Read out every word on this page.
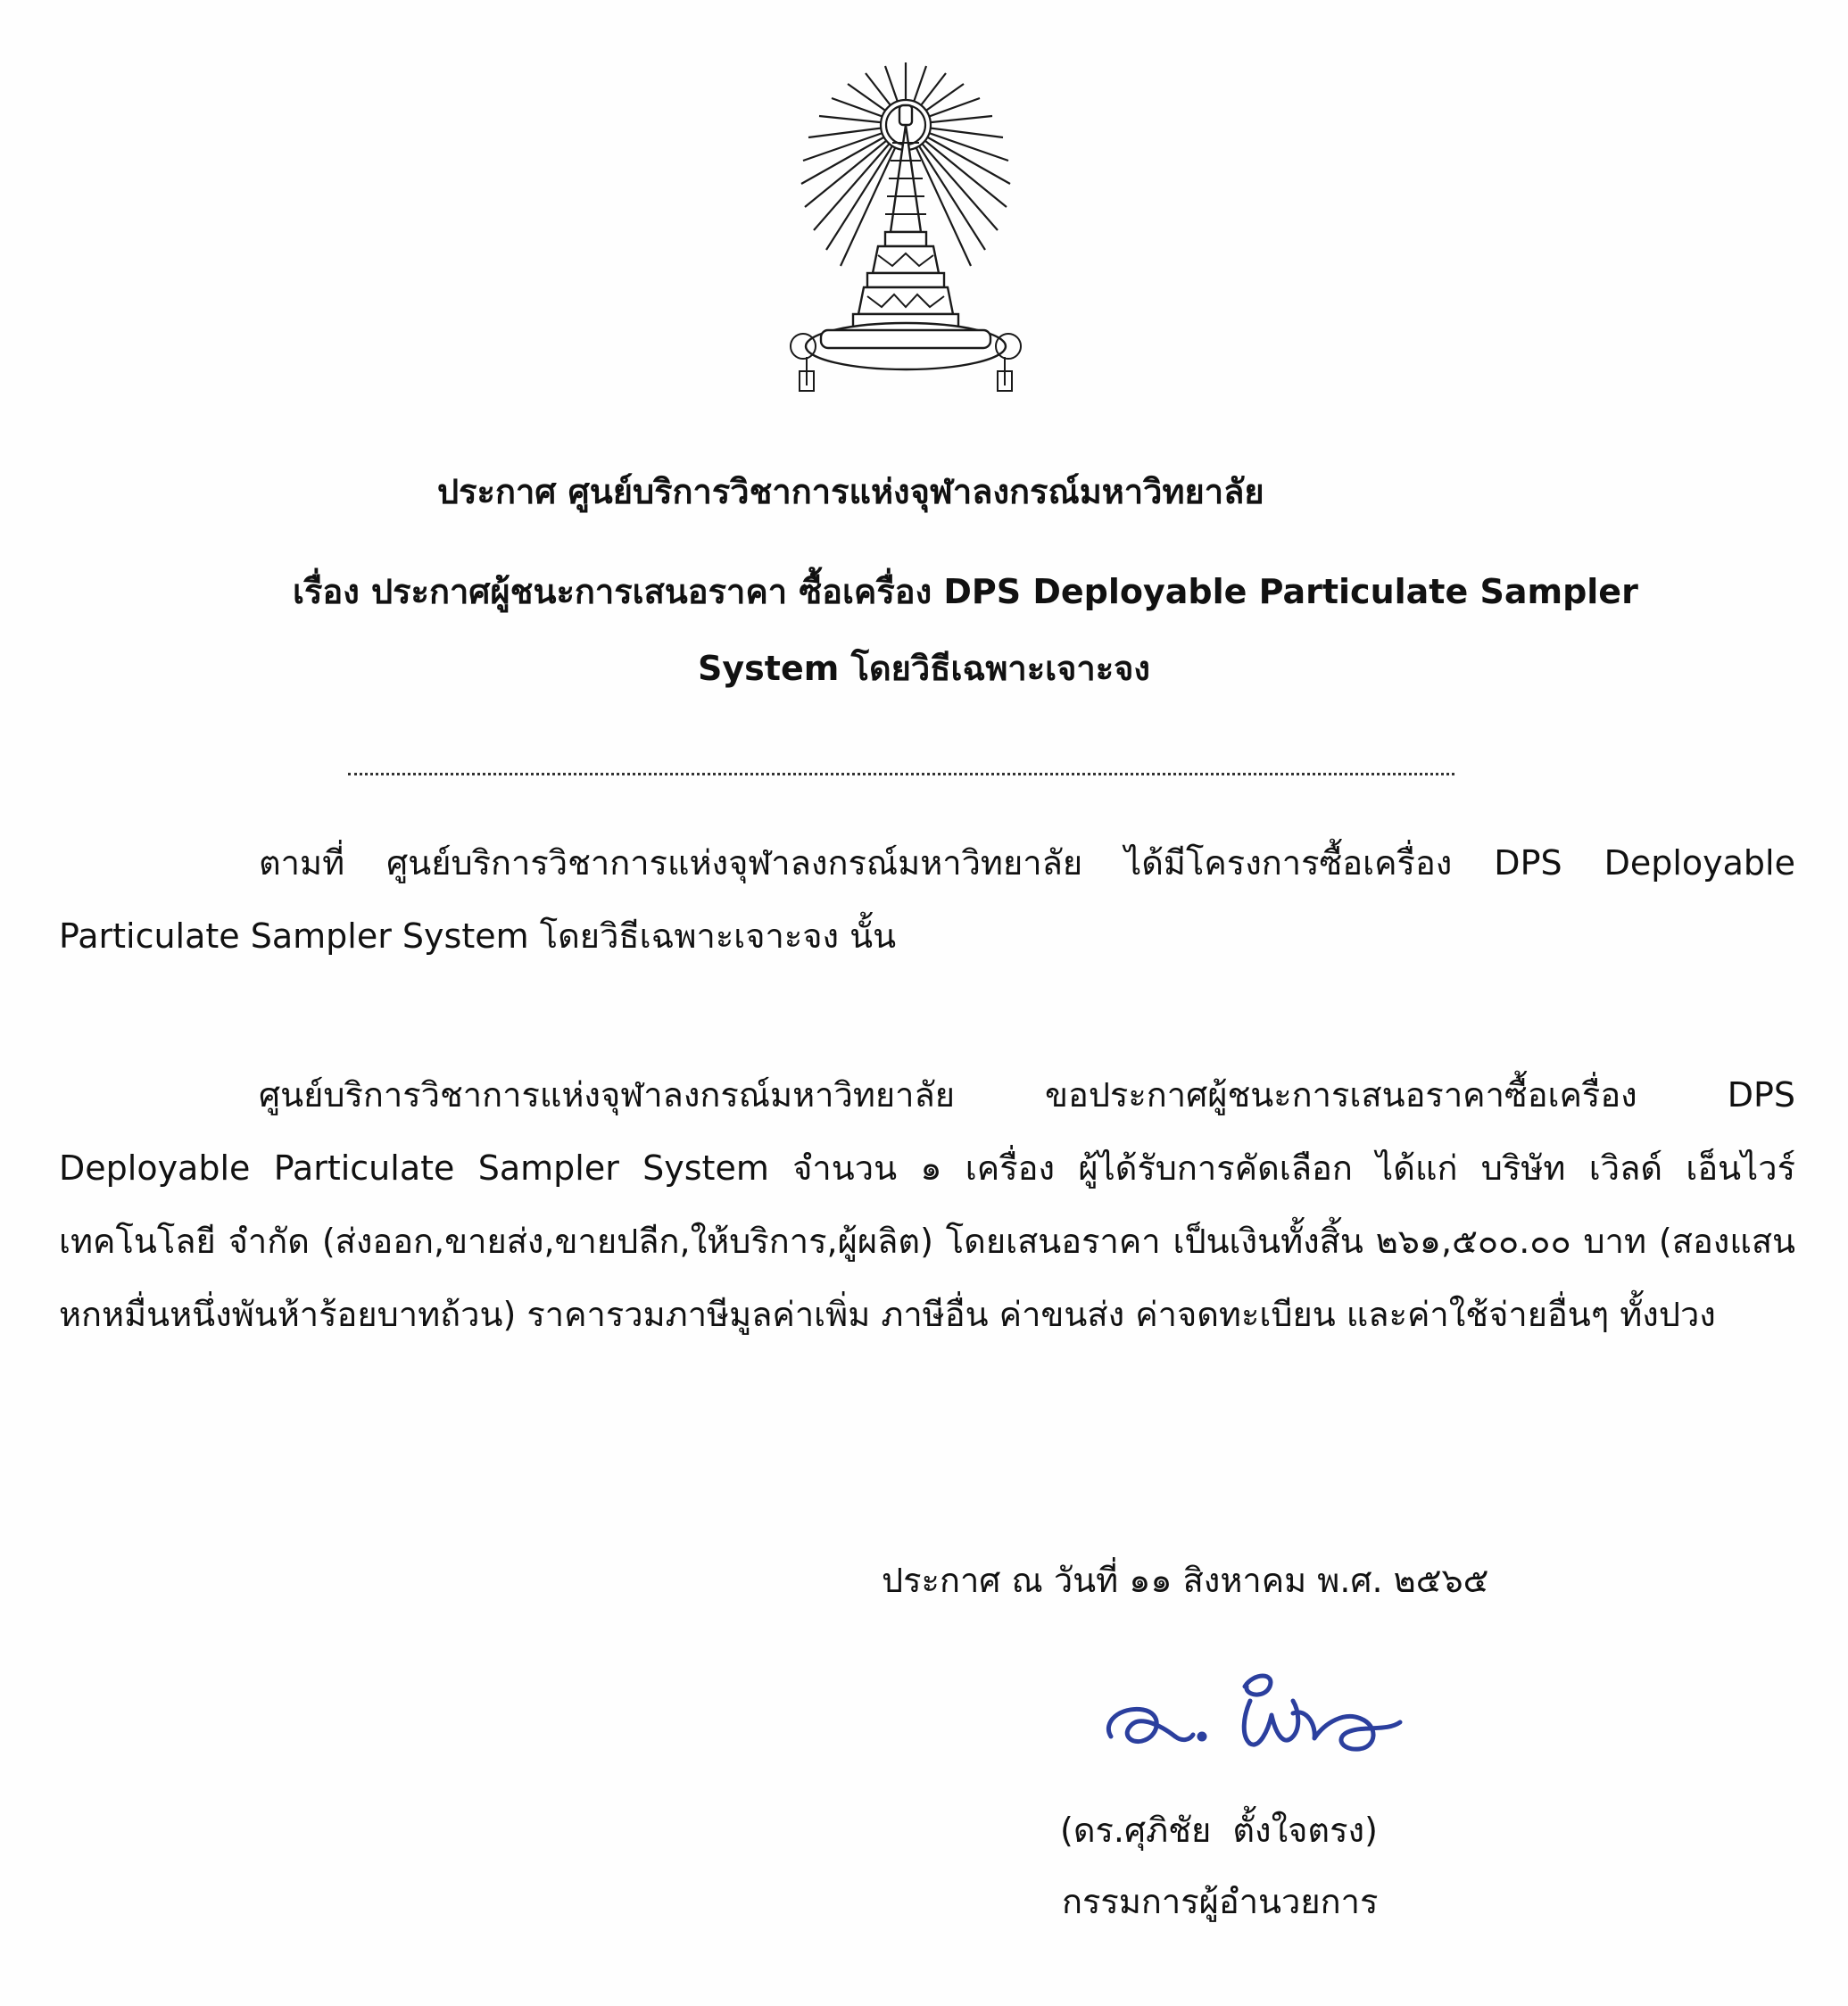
ประกาศ ศูนย์บริการวิชาการแห่งจุฬาลงกรณ์มหาวิทยาลัย
เรื่อง ประกาศผู้ชนะการเสนอราคา ซื้อเครื่อง DPS Deployable Particulate Sampler
System โดยวิธีเฉพาะเจาะจง
ตามที่ ศูนย์บริการวิชาการแห่งจุฬาลงกรณ์มหาวิทยาลัย ได้มีโครงการซื้อเครื่อง DPS Deployable Particulate Sampler System โดยวิธีเฉพาะเจาะจง นั้น
ศูนย์บริการวิชาการแห่งจุฬาลงกรณ์มหาวิทยาลัย ขอประกาศผู้ชนะการเสนอราคาซื้อเครื่อง DPS Deployable Particulate Sampler System จำนวน ๑ เครื่อง ผู้ได้รับการคัดเลือก ได้แก่ บริษัท เวิลด์ เอ็นไวร์ เทคโนโลยี จำกัด (ส่งออก,ขายส่ง,ขายปลีก,ให้บริการ,ผู้ผลิต) โดยเสนอราคา เป็นเงินทั้งสิ้น ๒๖๑,๕๐๐.๐๐ บาท (สองแสนหกหมื่นหนึ่งพันห้าร้อยบาทถ้วน) ราคารวมภาษีมูลค่าเพิ่ม ภาษีอื่น ค่าขนส่ง ค่าจดทะเบียน และค่าใช้จ่ายอื่นๆ ทั้งปวง
ประกาศ ณ วันที่ ๑๑ สิงหาคม พ.ศ. ๒๕๖๕
(ดร.ศุภิชัย  ตั้งใจตรง)
กรรมการผู้อำนวยการ
